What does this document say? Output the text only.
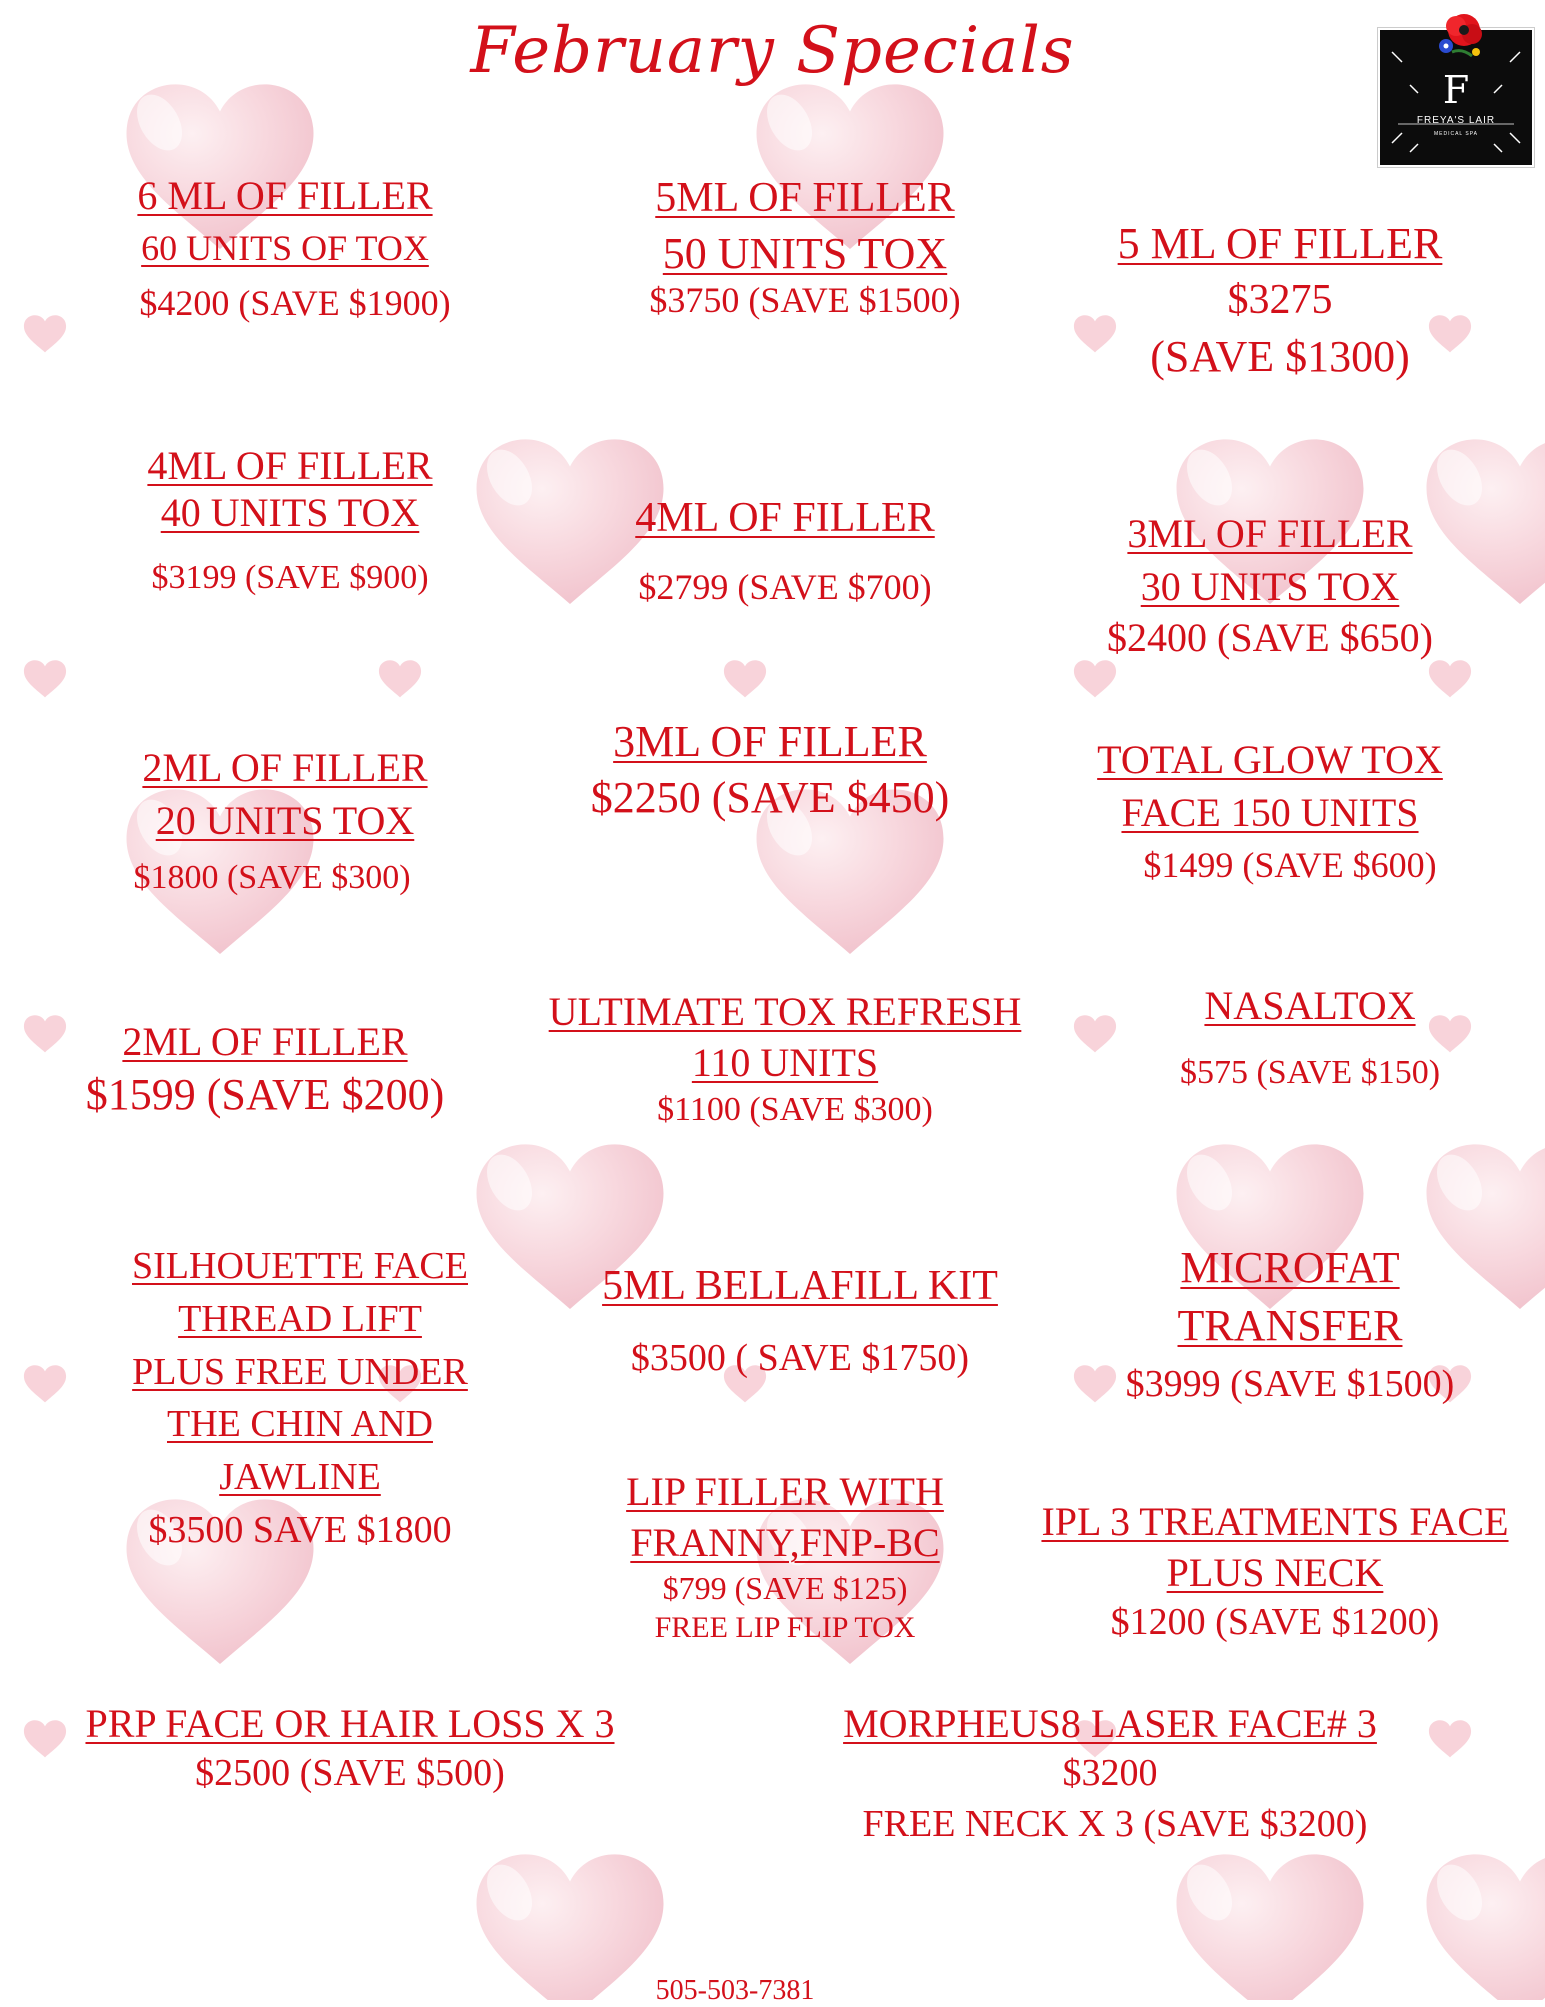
February Specials
F
FREYA'S LAIR
MEDICAL SPA
6 ML OF FILLER
60 UNITS OF TOX
$4200 (SAVE $1900)
5ML OF FILLER
50 UNITS TOX
$3750 (SAVE $1500)
5 ML OF FILLER
$3275
(SAVE $1300)
4ML OF FILLER
40 UNITS TOX
$3199 (SAVE $900)
4ML OF FILLER
$2799 (SAVE $700)
3ML OF FILLER
30 UNITS TOX
$2400 (SAVE $650)
2ML OF FILLER
20 UNITS TOX
$1800 (SAVE $300)
3ML OF FILLER
$2250 (SAVE $450)
TOTAL GLOW TOX
FACE 150 UNITS
$1499 (SAVE $600)
2ML OF FILLER
$1599 (SAVE $200)
ULTIMATE TOX REFRESH
110 UNITS
$1100 (SAVE $300)
NASALTOX
$575 (SAVE $150)
SILHOUETTE FACE
THREAD LIFT
PLUS FREE UNDER
THE CHIN AND
JAWLINE
$3500 SAVE $1800
5ML BELLAFILL KIT
$3500 ( SAVE $1750)
MICROFAT
TRANSFER
$3999 (SAVE $1500)
LIP FILLER WITH
FRANNY,FNP-BC
$799 (SAVE $125)
FREE LIP FLIP TOX
IPL 3 TREATMENTS FACE
PLUS NECK
$1200 (SAVE $1200)
PRP FACE OR HAIR LOSS X 3
$2500 (SAVE $500)
MORPHEUS8 LASER FACE# 3
$3200
FREE NECK X 3 (SAVE $3200)
505-503-7381
